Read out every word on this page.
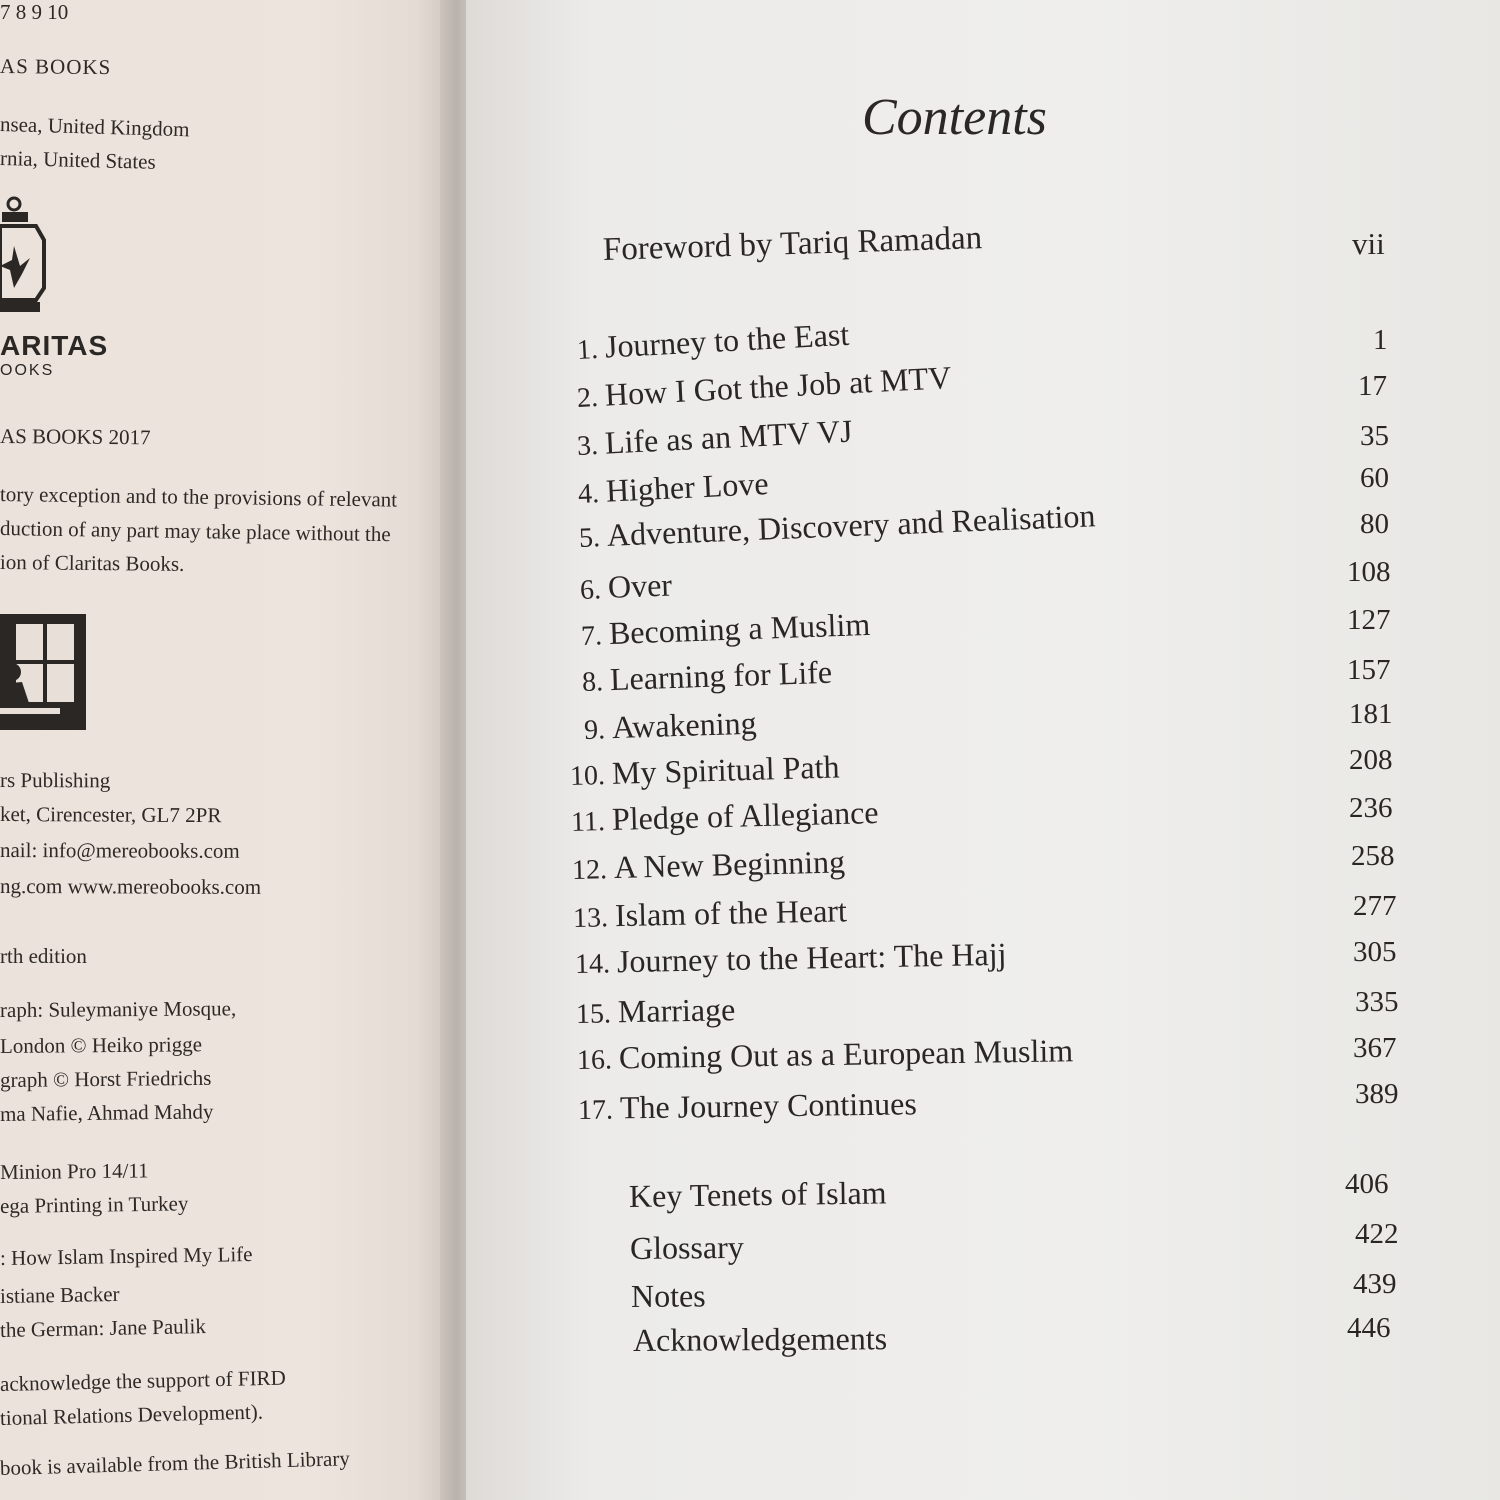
7 8 9 10
AS BOOKS
nsea, United Kingdom
rnia, United States
AS BOOKS 2017
tory exception and to the provisions of relevant
duction of any part may take place without the
ion of Claritas Books.
rs Publishing
ket, Cirencester, GL7 2PR
nail: info@mereobooks.com
ng.com www.mereobooks.com
rth edition
raph: Suleymaniye Mosque,
London © Heiko prigge
graph © Horst Friedrichs
ma Nafie, Ahmad Mahdy
Minion Pro 14/11
ega Printing in Turkey
: How Islam Inspired My Life
istiane Backer
the German: Jane Paulik
acknowledge the support of FIRD
tional Relations Development).
book is available from the British Library
ARITAS
OOKS
Contents
Foreword by Tariq Ramadan	vii
1. Journey to the East	1
2. How I Got the Job at MTV	17
3. Life as an MTV VJ	35
4. Higher Love	60
5. Adventure, Discovery and Realisation	80
6. Over	108
7. Becoming a Muslim	127
8. Learning for Life	157
9. Awakening	181
10. My Spiritual Path	208
11. Pledge of Allegiance	236
12. A New Beginning	258
13. Islam of the Heart	277
14. Journey to the Heart: The Hajj	305
15. Marriage	335
16. Coming Out as a European Muslim	367
17. The Journey Continues	389
Key Tenets of Islam	406
Glossary	422
Notes	439
Acknowledgements	446
